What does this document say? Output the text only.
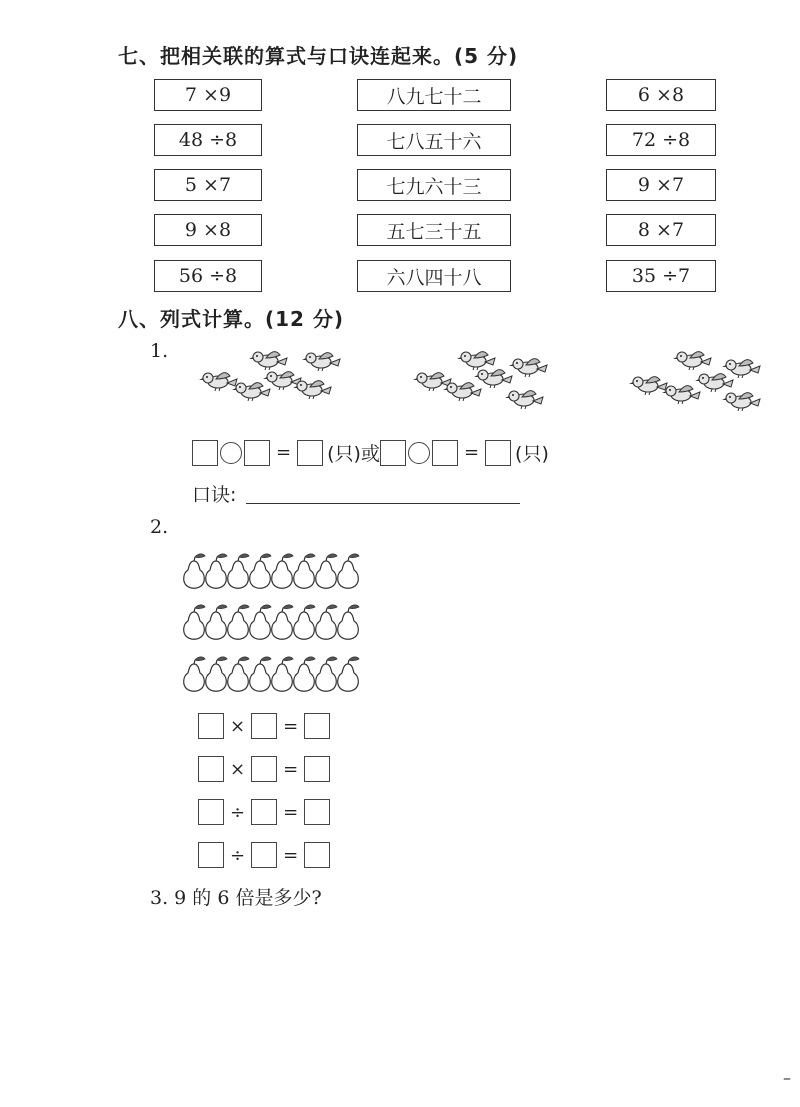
七、把相关联的算式与口诀连起来。(5 分)
7 ×9
48 ÷8
5 ×7
9 ×8
56 ÷8
八九七十二
七八五十六
七九六十三
五七三十五
六八四十八
6 ×8
72 ÷8
9 ×7
8 ×7
35 ÷7
八、列式计算。(12 分)
1.
= (只) 或	= (只)
口诀:
2.
× =
× =
÷ =
÷ =
3. 9 的 6 倍是多少?
–
